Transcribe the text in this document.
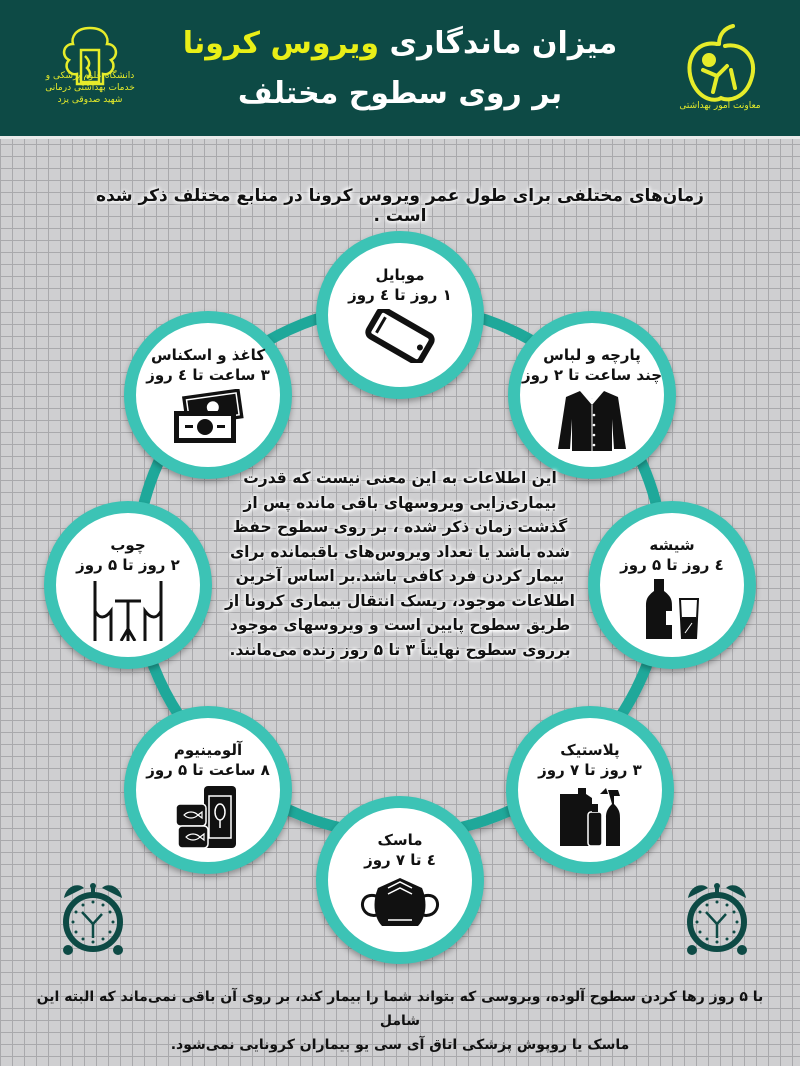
دانشگاه علوم پزشکی و خدمات بهداشتی درمانی
شهید صدوقی یزد
میزان ماندگاری ویروس کرونا
بر روی سطوح مختلف	معاونت امور بهداشتی
زمان‌های مختلفی برای طول عمر ویروس کرونا در منابع مختلف ذکر شده است .
موبایل
۱ روز تا ٤ روز
پارچه و لباس
چند ساعت تا ۲ روز
شیشه
٤ روز تا ۵ روز
پلاستیک
۳ روز تا ۷ روز
ماسک
٤ تا ۷ روز
آلومینیوم
۸ ساعت تا ۵ روز
چوب
۲ روز تا ۵ روز
کاغذ و اسکناس
۳ ساعت تا ٤ روز
این اطلاعات به این معنی نیست که قدرت بیماری‌زایی ویروسهای باقی مانده پس از گذشت زمان ذکر شده ، بر روی سطوح حفظ شده باشد یا تعداد ویروس‌های باقیمانده برای بیمار کردن فرد کافی باشد.بر اساس آخرین اطلاعات موجود، ریسک انتقال بیماری کرونا از طریق سطوح پایین است و ویروسهای موجود برروی سطوح نهایتاً ۳ تا ۵ روز زنده می‌مانند.
با ۵ روز رها کردن سطوح آلوده، ویروسی که بتواند شما را بیمار کند، بر روی آن باقی نمی‌ماند که البته این شامل
ماسک یا روپوش پزشکی اتاق آی سی یو بیماران کرونایی نمی‌شود.
